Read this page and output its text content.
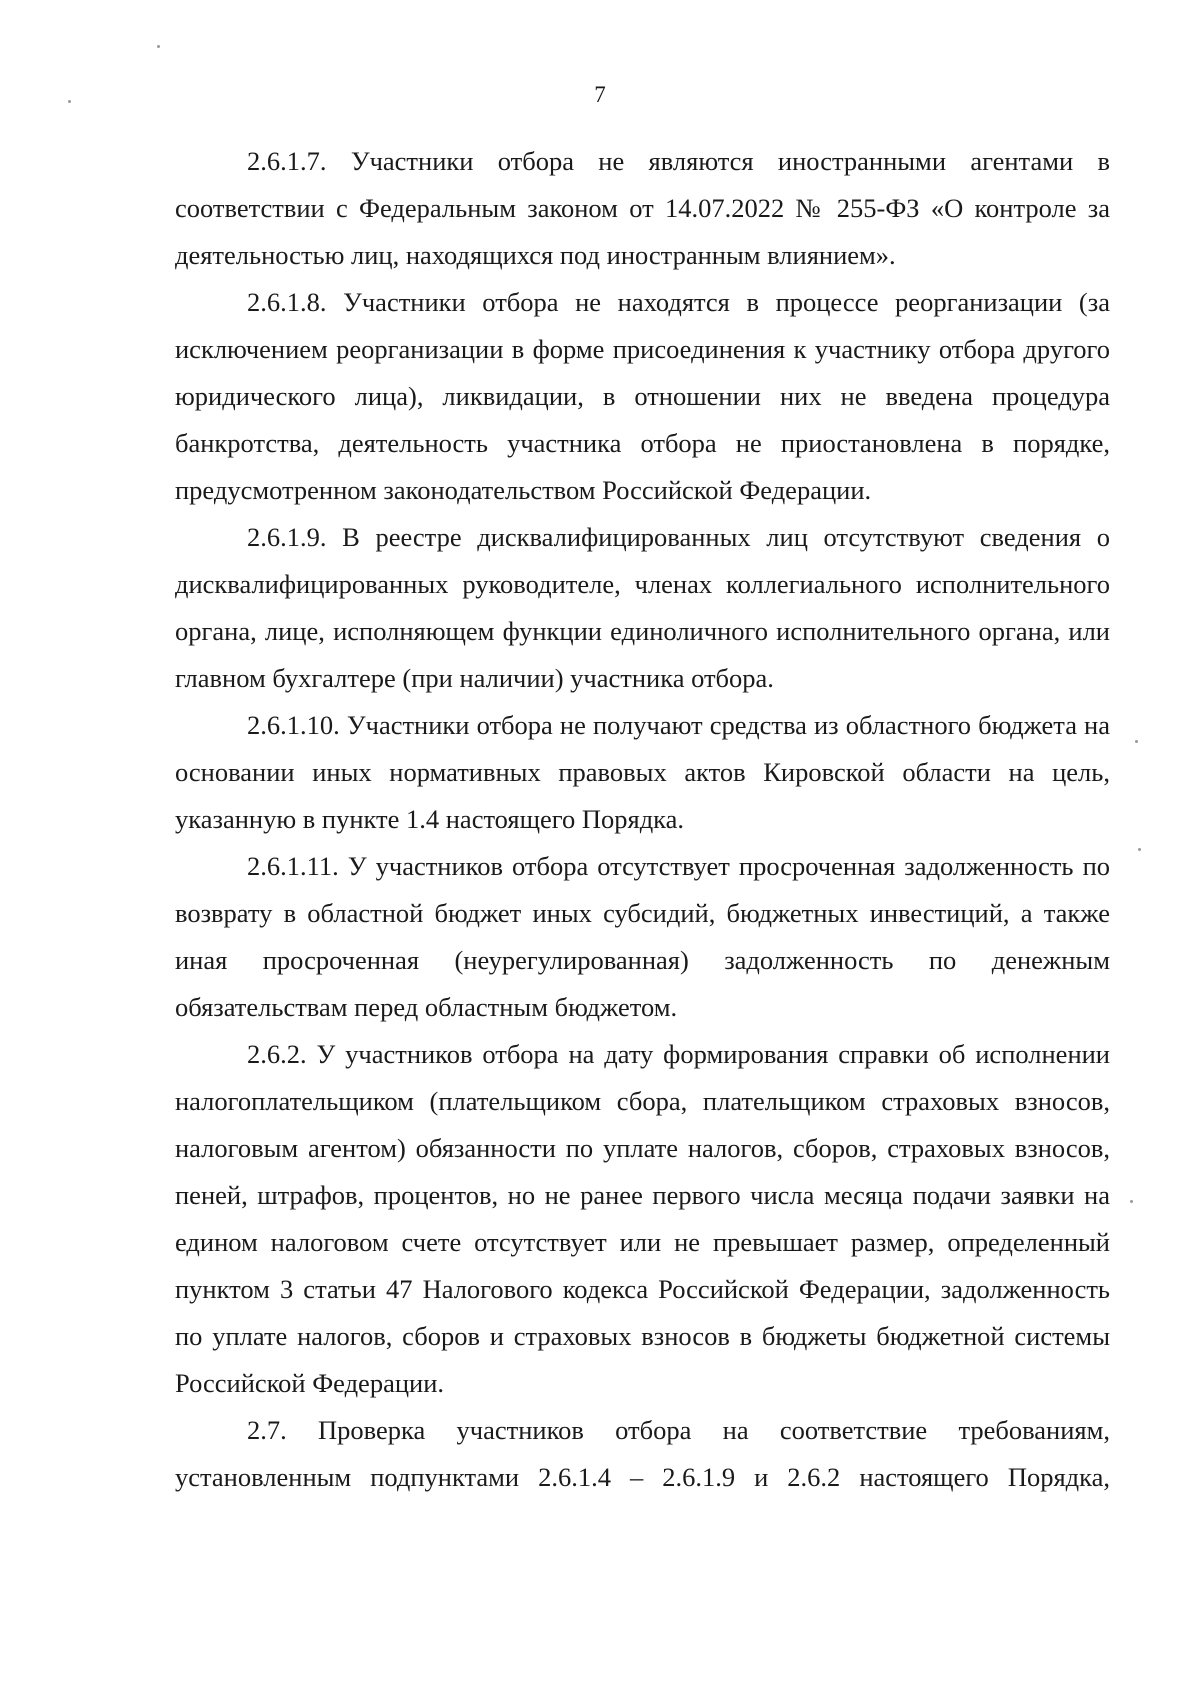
7

2.6.1.7. Участники отбора не являются иностранными агентами в соответствии с Федеральным законом от 14.07.2022 № 255-ФЗ «О контроле за деятельностью лиц, находящихся под иностранным влиянием».

2.6.1.8. Участники отбора не находятся в процессе реорганизации (за исключением реорганизации в форме присоединения к участнику отбора другого юридического лица), ликвидации, в отношении них не введена процедура банкротства, деятельность участника отбора не приостановлена в порядке, предусмотренном законодательством Российской Федерации.

2.6.1.9. В реестре дисквалифицированных лиц отсутствуют сведения о дисквалифицированных руководителе, членах коллегиального исполнительного органа, лице, исполняющем функции единоличного исполнительного органа, или главном бухгалтере (при наличии) участника отбора.

2.6.1.10. Участники отбора не получают средства из областного бюджета на основании иных нормативных правовых актов Кировской области на цель, указанную в пункте 1.4 настоящего Порядка.

2.6.1.11. У участников отбора отсутствует просроченная задолженность по возврату в областной бюджет иных субсидий, бюджетных инвестиций, а также иная просроченная (неурегулированная) задолженность по денежным обязательствам перед областным бюджетом.

2.6.2. У участников отбора на дату формирования справки об исполнении налогоплательщиком (плательщиком сбора, плательщиком страховых взносов, налоговым агентом) обязанности по уплате налогов, сборов, страховых взносов, пеней, штрафов, процентов, но не ранее первого числа месяца подачи заявки на едином налоговом счете отсутствует или не превышает размер, определенный пунктом 3 статьи 47 Налогового кодекса Российской Федерации, задолженность по уплате налогов, сборов и страховых взносов в бюджеты бюджетной системы Российской Федерации.

2.7. Проверка участников отбора на соответствие требованиям, установленным подпунктами 2.6.1.4 – 2.6.1.9 и 2.6.2 настоящего Порядка,
